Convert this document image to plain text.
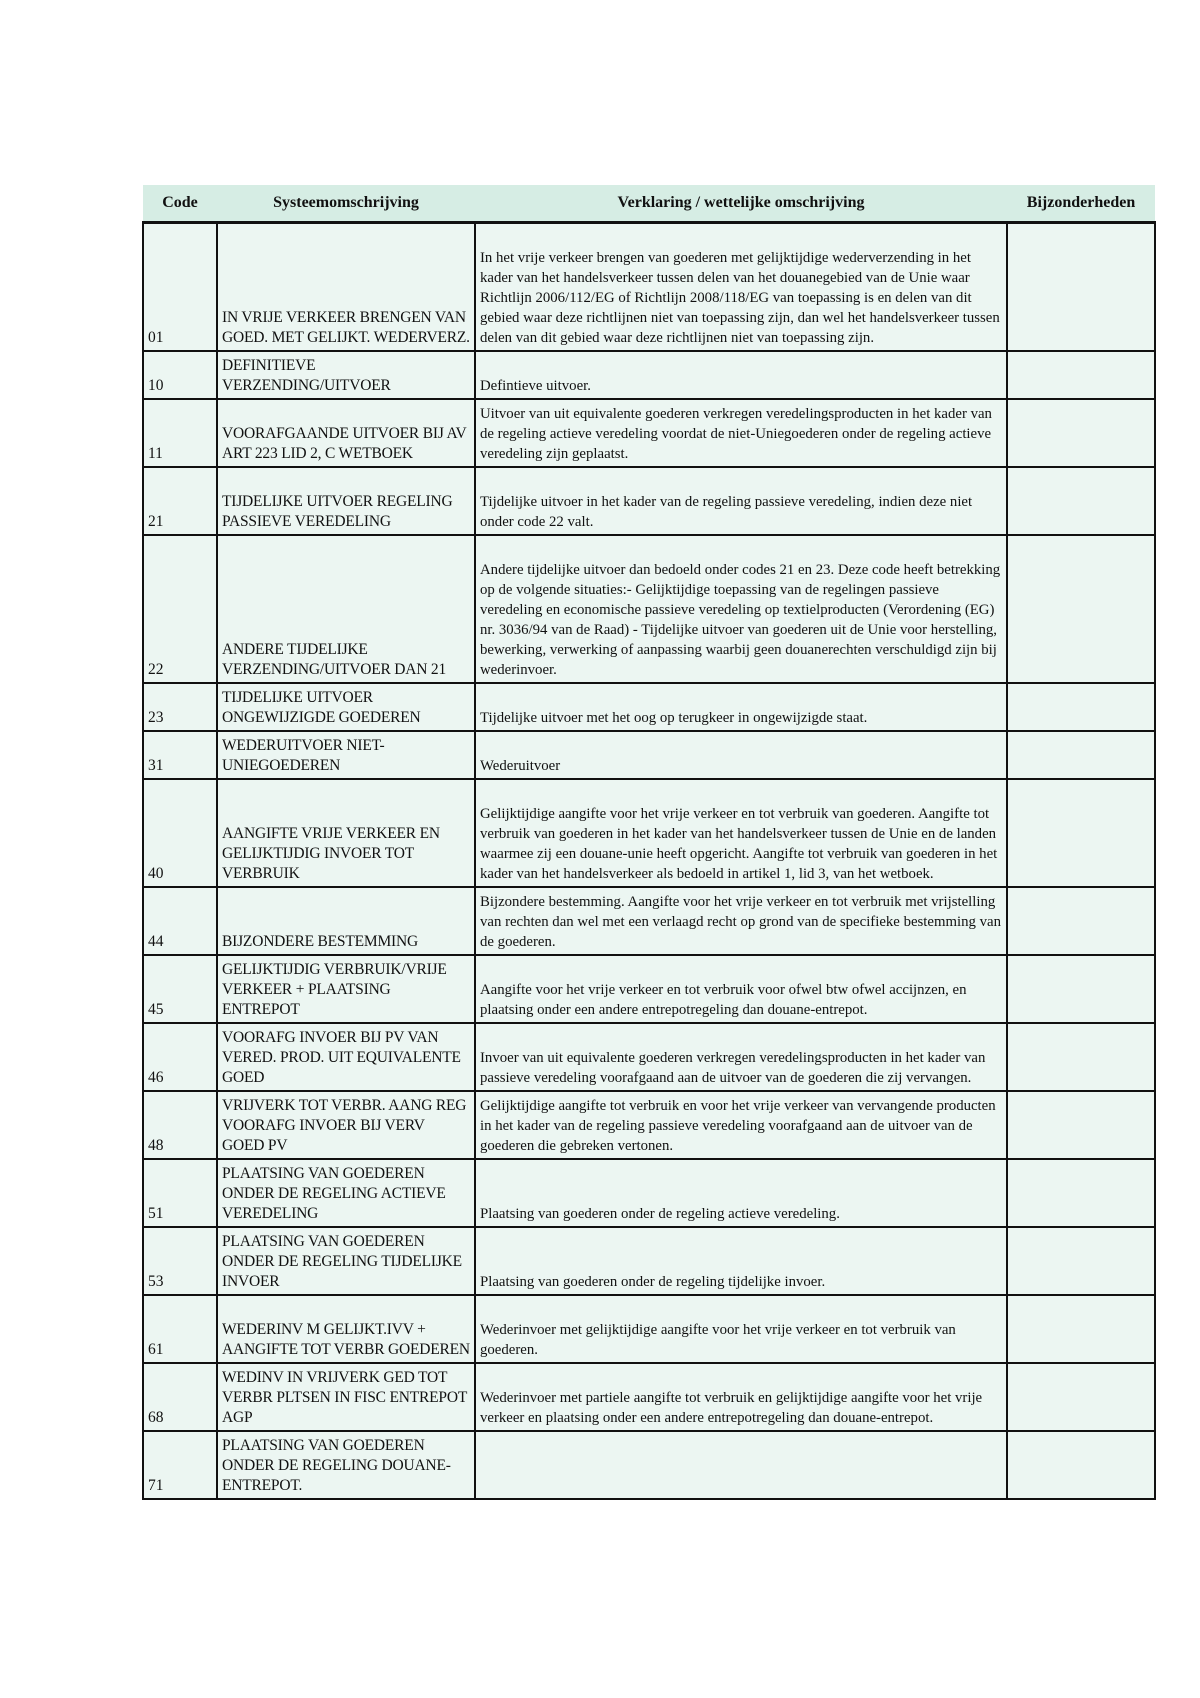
Code	Systeemomschrijving	Verklaring / wettelijke omschrijving	Bijzonderheden
01	IN VRIJE VERKEER BRENGEN VAN GOED. MET GELIJKT. WEDERVERZ.	In het vrije verkeer brengen van goederen met gelijktijdige wederverzending in het kader van het handelsverkeer tussen delen van het douanegebied van de Unie waar Richtlijn 2006/112/EG of Richtlijn 2008/118/EG van toepassing is en delen van dit gebied waar deze richtlijnen niet van toepassing zijn, dan wel het handelsverkeer tussen delen van dit gebied waar deze richtlijnen niet van toepassing zijn.	
10	DEFINITIEVE VERZENDING/UITVOER	Defintieve uitvoer.	
11	VOORAFGAANDE UITVOER BIJ AV ART 223 LID 2, C WETBOEK	Uitvoer van uit equivalente goederen verkregen veredelingsproducten in het kader van de regeling actieve veredeling voordat de niet-Uniegoederen onder de regeling actieve veredeling zijn geplaatst.	
21	TIJDELIJKE UITVOER REGELING PASSIEVE VEREDELING	Tijdelijke uitvoer in het kader van de regeling passieve veredeling, indien deze niet onder code 22 valt.	
22	ANDERE TIJDELIJKE VERZENDING/UITVOER DAN 21	Andere tijdelijke uitvoer dan bedoeld onder codes 21 en 23. Deze code heeft betrekking op de volgende situaties:- Gelijktijdige toepassing van de regelingen passieve veredeling en economische passieve veredeling op textielproducten (Verordening (EG) nr. 3036/94 van de Raad) - Tijdelijke uitvoer van goederen uit de Unie voor herstelling, bewerking, verwerking of aanpassing waarbij geen douanerechten verschuldigd zijn bij wederinvoer.	
23	TIJDELIJKE UITVOER ONGEWIJZIGDE GOEDEREN	Tijdelijke uitvoer met het oog op terugkeer in ongewijzigde staat.	
31	WEDERUITVOER NIET-UNIEGOEDEREN	Wederuitvoer	
40	AANGIFTE VRIJE VERKEER EN GELIJKTIJDIG INVOER TOT VERBRUIK	Gelijktijdige aangifte voor het vrije verkeer en tot verbruik van goederen. Aangifte tot verbruik van goederen in het kader van het handelsverkeer tussen de Unie en de landen waarmee zij een douane-unie heeft opgericht. Aangifte tot verbruik van goederen in het kader van het handelsverkeer als bedoeld in artikel 1, lid 3, van het wetboek.	
44	BIJZONDERE BESTEMMING	Bijzondere bestemming. Aangifte voor het vrije verkeer en tot verbruik met vrijstelling van rechten dan wel met een verlaagd recht op grond van de specifieke bestemming van de goederen.	
45	GELIJKTIJDIG VERBRUIK/VRIJE VERKEER + PLAATSING ENTREPOT	Aangifte voor het vrije verkeer en tot verbruik voor ofwel btw ofwel accijnzen, en plaatsing onder een andere entrepotregeling dan douane-entrepot.	
46	VOORAFG INVOER BIJ PV VAN VERED. PROD. UIT EQUIVALENTE GOED	Invoer van uit equivalente goederen verkregen veredelingsproducten in het kader van passieve veredeling voorafgaand aan de uitvoer van de goederen die zij vervangen.	
48	VRIJVERK TOT VERBR. AANG REG VOORAFG INVOER BIJ VERV GOED PV	Gelijktijdige aangifte tot verbruik en voor het vrije verkeer van vervangende producten in het kader van de regeling passieve veredeling voorafgaand aan de uitvoer van de goederen die gebreken vertonen.	
51	PLAATSING VAN GOEDEREN ONDER DE REGELING ACTIEVE VEREDELING	Plaatsing van goederen onder de regeling actieve veredeling.	
53	PLAATSING VAN GOEDEREN ONDER DE REGELING TIJDELIJKE INVOER	Plaatsing van goederen onder de regeling tijdelijke invoer.	
61	WEDERINV M GELIJKT.IVV + AANGIFTE TOT VERBR GOEDEREN	Wederinvoer met gelijktijdige aangifte voor het vrije verkeer en tot verbruik van goederen.	
68	WEDINV IN VRIJVERK GED TOT VERBR PLTSEN IN FISC ENTREPOT AGP	Wederinvoer met partiele aangifte tot verbruik en gelijktijdige aangifte voor het vrije verkeer en plaatsing onder een andere entrepotregeling dan douane-entrepot.	
71	PLAATSING VAN GOEDEREN ONDER DE REGELING DOUANE-ENTREPOT.		
